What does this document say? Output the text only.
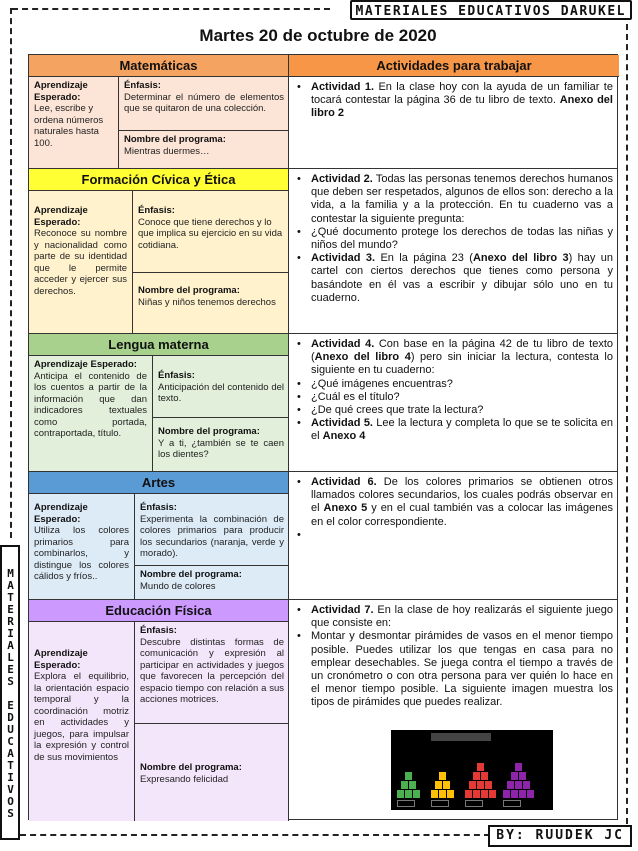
MATERIALES EDUCATIVOS DARUKEL
MATERIALES EDUCATIVOS
BY: RUUDEK JC
Martes 20 de octubre de 2020
Matemáticas
Aprendizaje Esperado:
Lee, escribe y ordena números naturales hasta 100.
Énfasis:
Determinar el número de elementos que se quitaron de una colección.
Nombre del programa:
Mientras duermes…
Actividades para trabajar
• Actividad 1. En la clase hoy con la ayuda de un familiar te tocará contestar la página 36 de tu libro de texto. Anexo del libro 2
Formación Cívica y Ética
Aprendizaje Esperado:
Reconoce su nombre y nacionalidad como parte de su identidad que le permite acceder y ejercer sus derechos.
Énfasis:
Conoce que tiene derechos y lo que implica su ejercicio en su vida cotidiana.
Nombre del programa:
Niñas y niños tenemos derechos
• Actividad 2. Todas las personas tenemos derechos humanos que deben ser respetados, algunos de ellos son: derecho a la vida, a la familia y a la protección. En tu cuaderno vas a contestar la siguiente pregunta:
• ¿Qué documento protege los derechos de todas las niñas y niños del mundo?
• Actividad 3. En la página 23 (Anexo del libro 3) hay un cartel con ciertos derechos que tienes como persona y basándote en él vas a escribir y dibujar sólo uno en tu cuaderno.
Lengua materna
Aprendizaje Esperado:
Anticipa el contenido de los cuentos a partir de la información que dan indicadores textuales como portada, contraportada, título.
Énfasis:
Anticipación del contenido del texto.
Nombre del programa:
Y a ti, ¿también se te caen los dientes?
• Actividad 4. Con base en la página 42 de tu libro de texto (Anexo del libro 4) pero sin iniciar la lectura, contesta lo siguiente en tu cuaderno:
• ¿Qué imágenes encuentras?
• ¿Cuál es el título?
• ¿De qué crees que trate la lectura?
• Actividad 5. Lee la lectura y completa lo que se te solicita en el Anexo 4
Artes
Aprendizaje Esperado:
Utiliza los colores primarios para combinarlos, y distingue los colores cálidos y fríos..
Énfasis:
Experimenta la combinación de colores primarios para producir los secundarios (naranja, verde y morado).
Nombre del programa:
Mundo de colores
• Actividad 6. De los colores primarios se obtienen otros llamados colores secundarios, los cuales podrás observar en el Anexo 5 y en el cual también vas a colocar las imágenes en el color correspondiente.
Educación Física
Aprendizaje Esperado:
Explora el equilibrio, la orientación espacio temporal y la coordinación motriz en actividades y juegos, para impulsar la expresión y control de sus movimientos
Énfasis:
Descubre distintas formas de comunicación y expresión al participar en actividades y juegos que favorecen la percepción del espacio tiempo con relación a sus acciones motrices.
Nombre del programa:
Expresando felicidad
• Actividad 7. En la clase de hoy realizarás el siguiente juego que consiste en:
• Montar y desmontar pirámides de vasos en el menor tiempo posible. Puedes utilizar los que tengas en casa para no emplear desechables. Se juega contra el tiempo a través de un cronómetro o con otra persona para ver quién lo hace en el menor tiempo posible. La siguiente imagen muestra los tipos de pirámides que puedes realizar.
